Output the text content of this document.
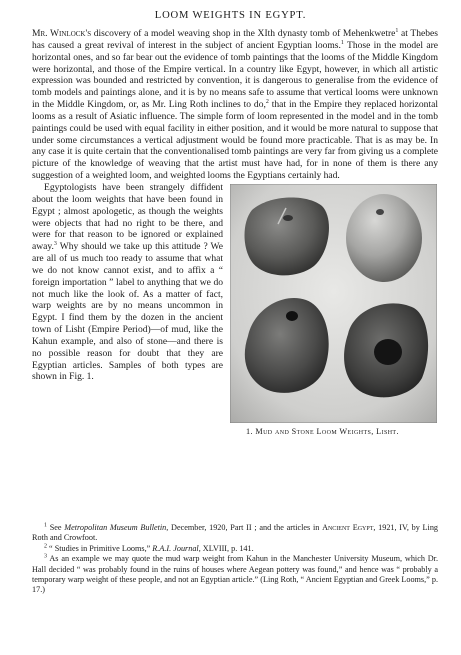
LOOM WEIGHTS IN EGYPT.

Mr. Winlock's discovery of a model weaving shop in the XIth dynasty tomb of Mehenkwetre$^1$ at Thebes has caused a great revival of interest in the subject of ancient Egyptian looms.$^1$ Those in the model are horizontal ones, and so far bear out the evidence of tomb paintings that the looms of the Middle Kingdom were horizontal, and those of the Empire vertical. In a country like Egypt, however, in which all artistic expression was bounded and restricted by convention, it is dangerous to generalise from the evidence of tomb models and paintings alone, and it is by no means safe to assume that vertical looms were unknown in the Middle Kingdom, or, as Mr. Ling Roth inclines to do,$^2$ that in the Empire they replaced horizontal looms as a result of Asiatic influence. The simple form of loom represented in the model and in the tomb paintings could be used with equal facility in either position, and it would be more natural to suppose that under some circumstances a vertical adjustment would be found more practicable. That is as may be. In any case it is quite certain that the conventionalised tomb paintings are very far from giving us a complete picture of the knowledge of weaving that the artist must have had, for in none of them is there any suggestion of a weighted loom, and weighted looms the Egyptians certainly had.

1. Mud and Stone Loom Weights, Lisht.
Egyptologists have been strangely diffident about the loom weights that have been found in Egypt ; almost apologetic, as though the weights were objects that had no right to be there, and were for that reason to be ignored or explained away.$^3$ Why should we take up this attitude ? We are all of us much too ready to assume that what we do not know cannot exist, and to affix a “ foreign importation ” label to anything that we do not much like the look of. As a matter of fact, warp weights are by no means uncommon in Egypt. I find them by the dozen in the ancient town of Lisht (Empire Period)—of mud, like the Kahun example, and also of stone—and there is no possible reason for doubt that they are Egyptian articles. Samples of both types are shown in Fig. 1.

$^1$ See Metropolitan Museum Bulletin, December, 1920, Part II ; and the articles in Ancient Egypt, 1921, IV, by Ling Roth and Crowfoot.

$^2$ “ Studies in Primitive Looms,” R.A.I. Journal, XLVIII, p. 141.

$^3$ As an example we may quote the mud warp weight from Kahun in the Manchester University Museum, which Dr. Hall decided “ was probably found in the ruins of houses where Aegean pottery was found,” and hence was “ probably a temporary warp weight of these people, and not an Egyptian article.” (Ling Roth, “ Ancient Egyptian and Greek Looms,” p. 17.)
